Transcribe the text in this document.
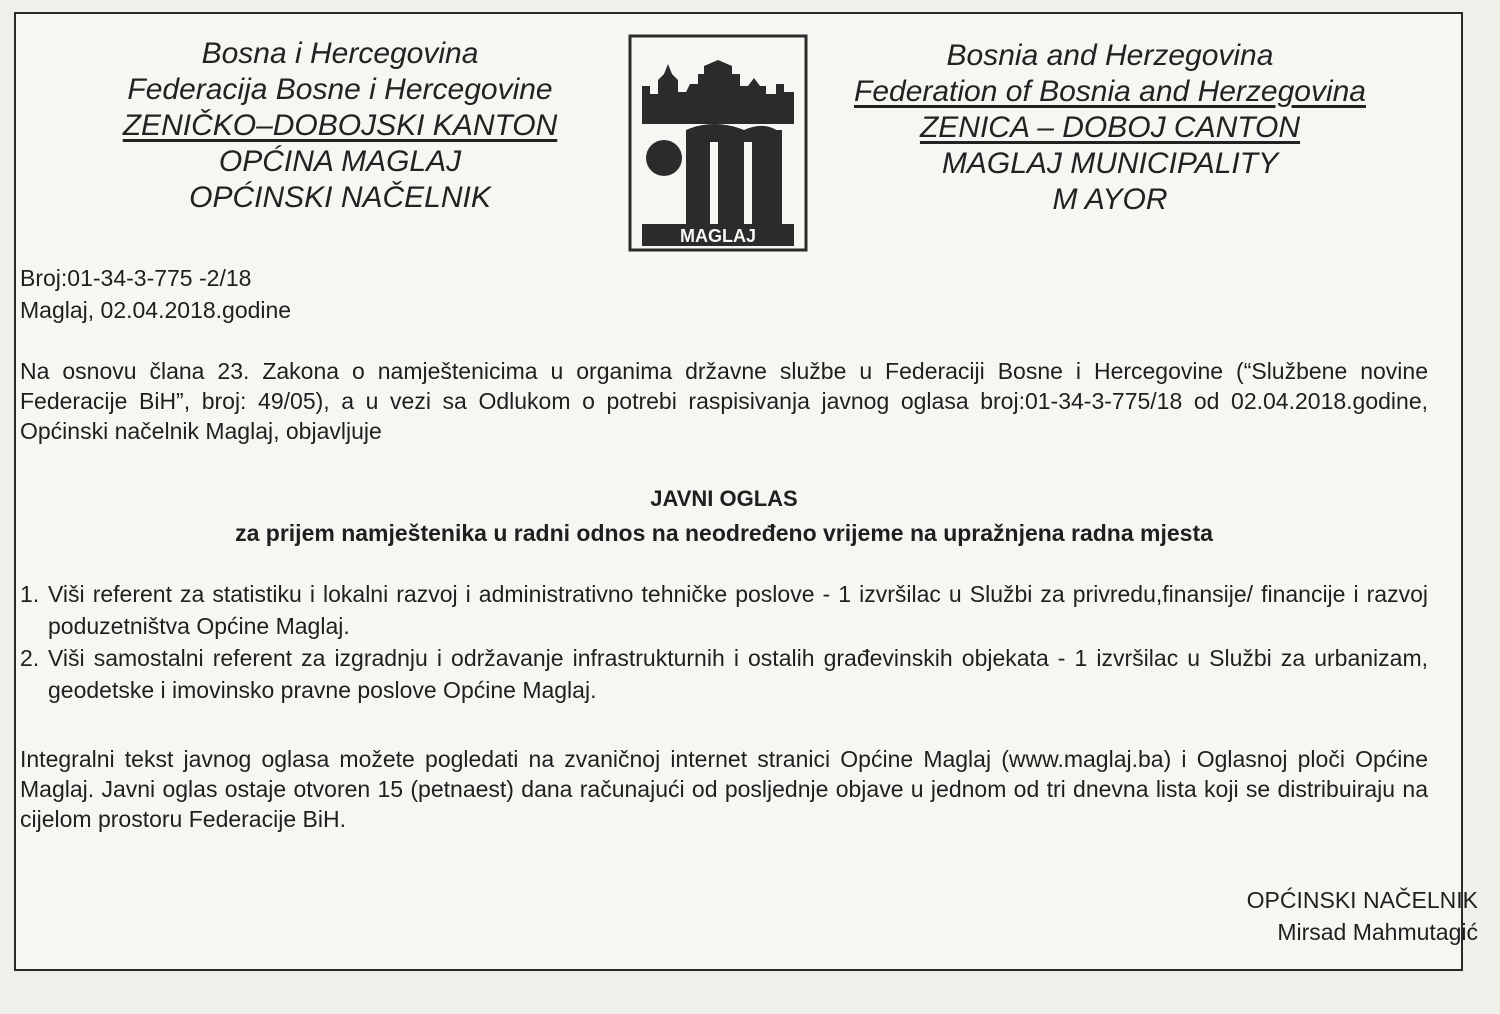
Bosna i Hercegovina
Federacija Bosne i Hercegovine
ZENIČKO–DOBOJSKI KANTON
OPĆINA MAGLAJ
OPĆINSKI NAČELNIK
MAGLAJ
Bosnia and Herzegovina
Federation of Bosnia and Herzegovina
ZENICA – DOBOJ CANTON
MAGLAJ MUNICIPALITY
M AYOR
Broj:01-34-3-775 -2/18
Maglaj, 02.04.2018.godine
Na osnovu člana 23. Zakona o namještenicima u organima državne službe u Federaciji Bosne i Hercegovine (“Službene novine Federacije BiH”, broj: 49/05), a u vezi sa Odlukom o potrebi raspisivanja javnog oglasa broj:01-34-3-775/18 od 02.04.2018.godine, Općinski načelnik Maglaj, objavljuje
JAVNI OGLAS
za prijem namještenika u radni odnos na neodređeno vrijeme na upražnjena radna mjesta
1. Viši referent za statistiku i lokalni razvoj i administrativno tehničke poslove - 1 izvršilac u Službi za privredu,finansije/ financije i razvoj poduzetništva Općine Maglaj.
2. Viši samostalni referent za izgradnju i održavanje infrastrukturnih i ostalih građevinskih objekata - 1 izvršilac u Službi za urbanizam, geodetske i imovinsko pravne poslove Općine Maglaj.
Integralni tekst javnog oglasa možete pogledati na zvaničnoj internet stranici Općine Maglaj (www.maglaj.ba) i Oglasnoj ploči Općine Maglaj. Javni oglas ostaje otvoren 15 (petnaest) dana računajući od posljednje objave u jednom od tri dnevna lista koji se distribuiraju na cijelom prostoru Federacije BiH.
OPĆINSKI NAČELNIK
Mirsad Mahmutagić
